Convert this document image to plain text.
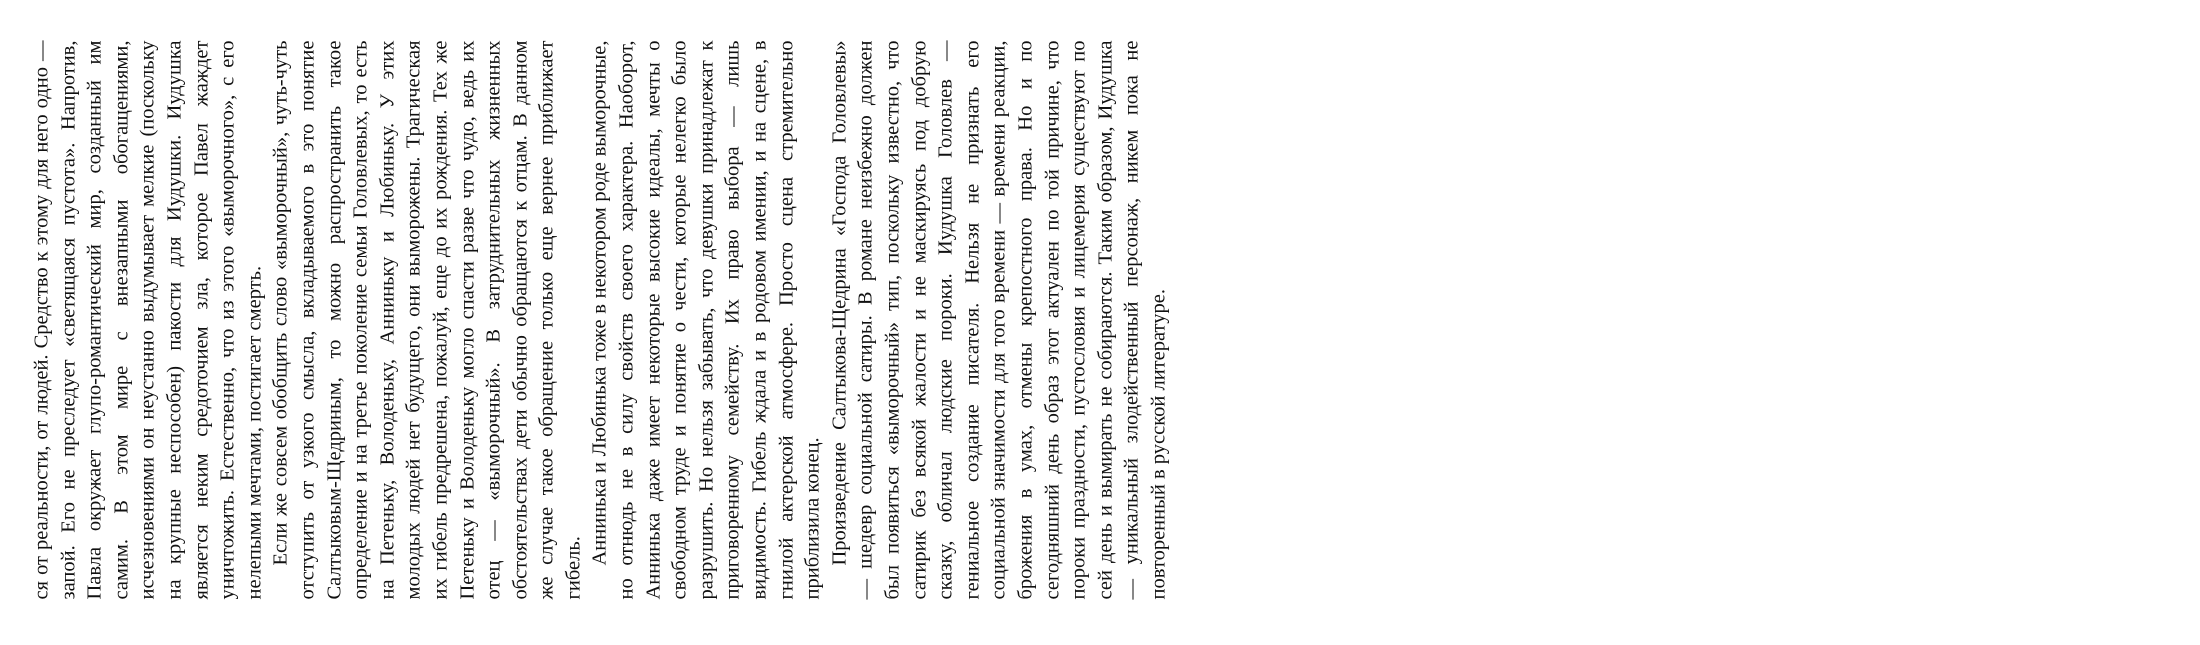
ся от реальности, от людей. Средство к этому для него одно — запой. Его не преследует «светящаяся пустота». Напротив, Павла окружает глупо-романтический мир, созданный им самим. В этом мире с внезапными обогащениями, исчезновениями он неустанно выдумывает мелкие (поскольку на крупные неспособен) пакости для Иудушки. Иудушка является неким средоточием зла, которое Павел жаждет уничтожить. Естественно, что из этого «выморочного», с его нелепыми мечтами, постигает смерть. Если же совсем обобщить слово «выморочный», чуть-чуть отступить от узкого смысла, вкладываемого в это понятие Салтыковым-Щедриным, то можно распространить такое определение и на третье поколение семьи Головлевых, то есть на Петеньку, Володеньку, Анниньку и Любиньку. У этих молодых людей нет будущего, они выморожены. Трагическая их гибель предрешена, пожалуй, еще до их рождения. Тех же Петеньку и Володеньку могло спасти разве что чудо, ведь их отец — «выморочный». В затруднительных жизненных обстоятельствах дети обычно обращаются к отцам. В данном же случае такое обращение только еще вернее приближает гибель.

Аннинька и Любинька тоже в некотором роде выморочные, но отнюдь не в силу свойств своего характера. Наоборот, Аннинька даже имеет некоторые высокие идеалы, мечты о свободном труде и понятие о чести, которые нелегко было разрушить. Но нельзя забывать, что девушки принадлежат к приговоренному семейству. Их право выбора — лишь видимость. Гибель ждала и в родовом имении, и на сцене, в гнилой актерской атмосфере. Просто сцена стремительно приблизила конец. Произведение Салтыкова-Щедрина «Господа Головлевы» — шедевр социальной сатиры. В романе неизбежно должен был появиться «выморочный» тип, поскольку известно, что сатирик без всякой жалости и не маскируясь под добрую сказку, обличал людские пороки. Иудушка Головлев — гениальное создание писателя. Нельзя не признать его социальной значимости для того времени — времени реакции, брожения в умах, отмены крепостного права. Но и по сегодняшний день образ этот актуален по той причине, что пороки праздности, пустословия и лицемерия существуют по сей день и вымирать не собираются. Таким образом, Иудушка — уникальный злодейственный персонаж, никем пока не повторенный в русской литературе.
